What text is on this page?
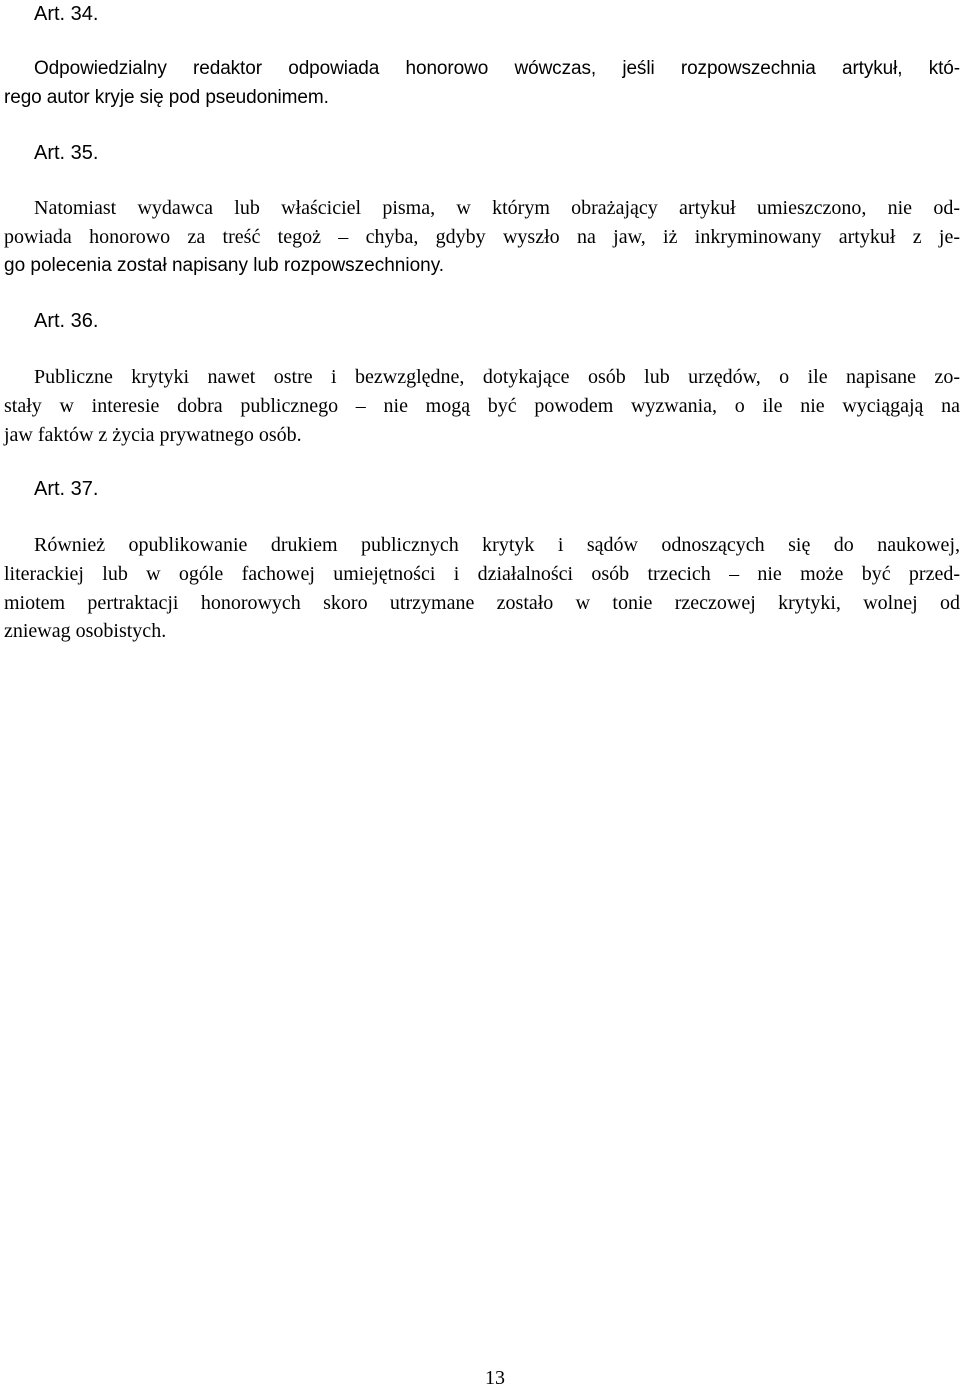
Art. 34.

Odpowiedzialny redaktor odpowiada honorowo wówczas, jeśli rozpowszechnia artykuł, któ-
rego autor kryje się pod pseudonimem.

Art. 35.

Natomiast wydawca lub właściciel pisma, w którym obrażający artykuł umieszczono, nie od-
powiada honorowo za treść tegoż – chyba, gdyby wyszło na jaw, iż inkryminowany artykuł z je-
go polecenia został napisany lub rozpowszechniony.

Art. 36.

Publiczne krytyki nawet ostre i bezwzględne, dotykające osób lub urzędów, o ile napisane zo-
stały w interesie dobra publicznego – nie mogą być powodem wyzwania, o ile nie wyciągają na
jaw faktów z życia prywatnego osób.

Art. 37.

Również opublikowanie drukiem publicznych krytyk i sądów odnoszących się do naukowej,
literackiej lub w ogóle fachowej umiejętności i działalności osób trzecich – nie może być przed-
miotem pertraktacji honorowych skoro utrzymane zostało w tonie rzeczowej krytyki, wolnej od
zniewag osobistych.

13
